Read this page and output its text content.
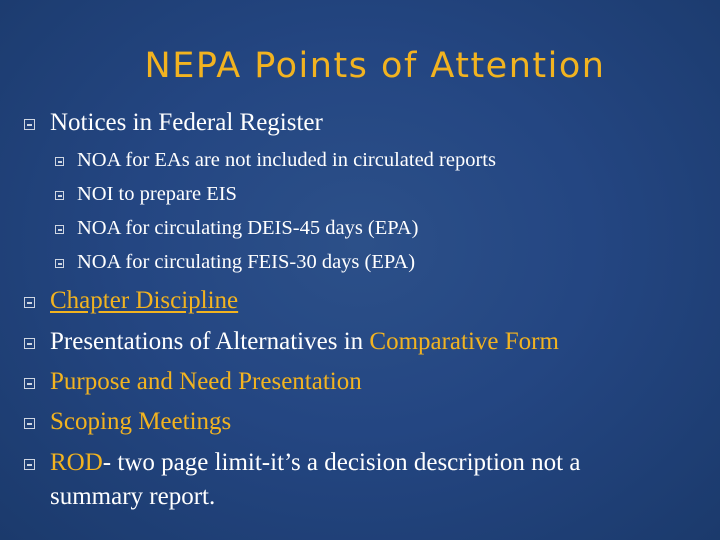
NEPA Points of Attention
Notices in Federal Register
NOA for EAs are not included in circulated reports
NOI to prepare EIS
NOA for circulating DEIS-45 days (EPA)
NOA for circulating FEIS-30 days (EPA)
Chapter Discipline
Presentations of Alternatives in Comparative Form
Purpose and Need Presentation
Scoping Meetings
ROD- two page limit-it’s a decision description not a
summary report.
